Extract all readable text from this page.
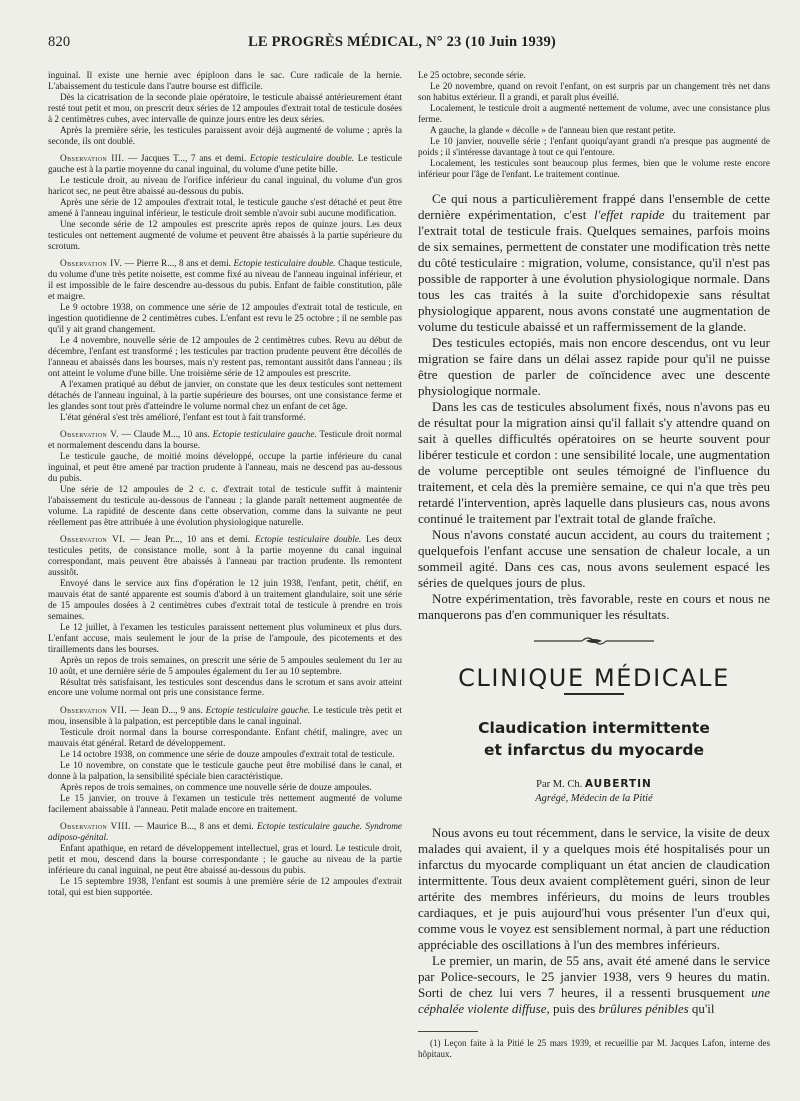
820	LE PROGRÈS MÉDICAL, N° 23 (10 Juin 1939)

inguinal. Il existe une hernie avec épiploon dans le sac. Cure radicale de la hernie. L'abaissement du testicule dans l'autre bourse est difficile.

Dès la cicatrisation de la seconde plaie opératoire, le testicule abaissé antérieurement étant resté tout petit et mou, on prescrit deux séries de 12 ampoules d'extrait total de testicule dosées à 2 centimètres cubes, avec intervalle de quinze jours entre les deux séries.

Après la première série, les testicules paraissent avoir déjà augmenté de volume ; après la seconde, ils ont doublé.

Observation III. — Jacques T..., 7 ans et demi. Ectopie testiculaire double. Le testicule gauche est à la partie moyenne du canal inguinal, du volume d'une petite bille.

Le testicule droit, au niveau de l'orifice inférieur du canal inguinal, du volume d'un gros haricot sec, ne peut être abaissé au-dessous du pubis.

Après une série de 12 ampoules d'extrait total, le testicule gauche s'est détaché et peut être amené à l'anneau inguinal inférieur, le testicule droit semble n'avoir subi aucune modification.

Une seconde série de 12 ampoules est prescrite après repos de quinze jours. Les deux testicules ont nettement augmenté de volume et peuvent être abaissés à la partie supérieure du scrotum.

Observation IV. — Pierre R..., 8 ans et demi. Ectopie testiculaire double. Chaque testicule, du volume d'une très petite noisette, est comme fixé au niveau de l'anneau inguinal inférieur, et il est impossible de le faire descendre au-dessous du pubis. Enfant de faible constitution, pâle et maigre.

Le 9 octobre 1938, on commence une série de 12 ampoules d'extrait total de testicule, en ingestion quotidienne de 2 centimètres cubes. L'enfant est revu le 25 octobre ; il ne semble pas qu'il y ait grand changement.

Le 4 novembre, nouvelle série de 12 ampoules de 2 centimètres cubes. Revu au début de décembre, l'enfant est transformé ; les testicules par traction prudente peuvent être décollés de l'anneau et abaissés dans les bourses, mais n'y restent pas, remontant aussitôt dans l'anneau ; ils ont atteint le volume d'une bille. Une troisième série de 12 ampoules est prescrite.

A l'examen pratiqué au début de janvier, on constate que les deux testicules sont nettement détachés de l'anneau inguinal, à la partie supérieure des bourses, ont une consistance ferme et les glandes sont tout près d'atteindre le volume normal chez un enfant de cet âge.

L'état général s'est très amélioré, l'enfant est tout à fait transformé.

Observation V. — Claude M..., 10 ans. Ectopie testiculaire gauche. Testicule droit normal et normalement descendu dans la bourse.

Le testicule gauche, de moitié moins développé, occupe la partie inférieure du canal inguinal, et peut être amené par traction prudente à l'anneau, mais ne descend pas au-dessous du pubis.

Une série de 12 ampoules de 2 c. c. d'extrait total de testicule suffit à maintenir l'abaissement du testicule au-dessous de l'anneau ; la glande paraît nettement augmentée de volume. La rapidité de descente dans cette observation, comme dans la suivante ne peut réellement pas être attribuée à une évolution physiologique naturelle.

Observation VI. — Jean Pr..., 10 ans et demi. Ectopie testiculaire double. Les deux testicules petits, de consistance molle, sont à la partie moyenne du canal inguinal correspondant, mais peuvent être abaissés à l'anneau par traction prudente. Ils remontent aussitôt.

Envoyé dans le service aux fins d'opération le 12 juin 1938, l'enfant, petit, chétif, en mauvais état de santé apparente est soumis d'abord à un traitement glandulaire, soit une série de 15 ampoules dosées à 2 centimètres cubes d'extrait total de testicule à prendre en trois semaines.

Le 12 juillet, à l'examen les testicules paraissent nettement plus volumineux et plus durs. L'enfant accuse, mais seulement le jour de la prise de l'ampoule, des picotements et des tiraillements dans les bourses.

Après un repos de trois semaines, on prescrit une série de 5 ampoules seulement du 1er au 10 août, et une dernière série de 5 ampoules également du 1er au 10 septembre.

Résultat très satisfaisant, les testicules sont descendus dans le scrotum et sans avoir atteint encore une volume normal ont pris une consistance ferme.

Observation VII. — Jean D..., 9 ans. Ectopie testiculaire gauche. Le testicule très petit et mou, insensible à la palpation, est perceptible dans le canal inguinal.

Testicule droit normal dans la bourse correspondante. Enfant chétif, malingre, avec un mauvais état général. Retard de développement.

Le 14 octobre 1938, on commence une série de douze ampoules d'extrait total de testicule.

Le 10 novembre, on constate que le testicule gauche peut être mobilisé dans le canal, et donne à la palpation, la sensibilité spéciale bien caractéristique.

Après repos de trois semaines, on commence une nouvelle série de douze ampoules.

Le 15 janvier, on trouve à l'examen un testicule très nettement augmenté de volume facilement abaissable à l'anneau. Petit malade encore en traitement.

Observation VIII. — Maurice B..., 8 ans et demi. Ectopie testiculaire gauche. Syndrome adiposo-génital.

Enfant apathique, en retard de développement intellectuel, gras et lourd. Le testicule droit, petit et mou, descend dans la bourse correspondante ; le gauche au niveau de la partie inférieure du canal inguinal, ne peut être abaissé au-dessous du pubis.

Le 15 septembre 1938, l'enfant est soumis à une première série de 12 ampoules d'extrait total, qui est bien supportée.

Le 25 octobre, seconde série.

Le 20 novembre, quand on revoit l'enfant, on est surpris par un changement très net dans son habitus extérieur. Il a grandi, et paraît plus éveillé.

Localement, le testicule droit a augmenté nettement de volume, avec une consistance plus ferme.

A gauche, la glande « décolle » de l'anneau bien que restant petite.

Le 10 janvier, nouvelle série ; l'enfant quoiqu'ayant grandi n'a presque pas augmenté de poids ; il s'intéresse davantage à tout ce qui l'entoure.

Localement, les testicules sont beaucoup plus fermes, bien que le volume reste encore inférieur pour l'âge de l'enfant. Le traitement continue.

Ce qui nous a particulièrement frappé dans l'ensemble de cette dernière expérimentation, c'est l'effet rapide du traitement par l'extrait total de testicule frais. Quelques semaines, parfois moins de six semaines, permettent de constater une modification très nette du côté testiculaire : migration, volume, consistance, qu'il n'est pas possible de rapporter à une évolution physiologique normale. Dans tous les cas traités à la suite d'orchidopexie sans résultat physiologique apparent, nous avons constaté une augmentation de volume du testicule abaissé et un raffermissement de la glande.

Des testicules ectopiés, mais non encore descendus, ont vu leur migration se faire dans un délai assez rapide pour qu'il ne puisse être question de parler de coïncidence avec une descente physiologique normale.

Dans les cas de testicules absolument fixés, nous n'avons pas eu de résultat pour la migration ainsi qu'il fallait s'y attendre quand on sait à quelles difficultés opératoires on se heurte souvent pour libérer testicule et cordon : une sensibilité locale, une augmentation de volume perceptible ont seules témoigné de l'influence du traitement, et cela dès la première semaine, ce qui n'a que très peu retardé l'intervention, après laquelle dans plusieurs cas, nous avons continué le traitement par l'extrait total de glande fraîche.

Nous n'avons constaté aucun accident, au cours du traitement ; quelquefois l'enfant accuse une sensation de chaleur locale, a un sommeil agité. Dans ces cas, nous avons seulement espacé les séries de quelques jours de plus.

Notre expérimentation, très favorable, reste en cours et nous ne manquerons pas d'en communiquer les résultats.

CLINIQUE MÉDICALE
Claudication intermittente
et infarctus du myocarde
Par M. Ch. AUBERTIN
Agrégé, Médecin de la Pitié

Nous avons eu tout récemment, dans le service, la visite de deux malades qui avaient, il y a quelques mois été hospitalisés pour un infarctus du myocarde compliquant un état ancien de claudication intermittente. Tous deux avaient complètement guéri, sinon de leur artérite des membres inférieurs, du moins de leurs troubles cardiaques, et je puis aujourd'hui vous présenter l'un d'eux qui, comme vous le voyez est sensiblement normal, à part une réduction appréciable des oscillations à l'un des membres inférieurs.

Le premier, un marin, de 55 ans, avait été amené dans le service par Police-secours, le 25 janvier 1938, vers 9 heures du matin. Sorti de chez lui vers 7 heures, il a ressenti brusquement une céphalée violente diffuse, puis des brûlures pénibles qu'il

(1) Leçon faite à la Pitié le 25 mars 1939, et recueillie par M. Jacques Lafon, interne des hôpitaux.
